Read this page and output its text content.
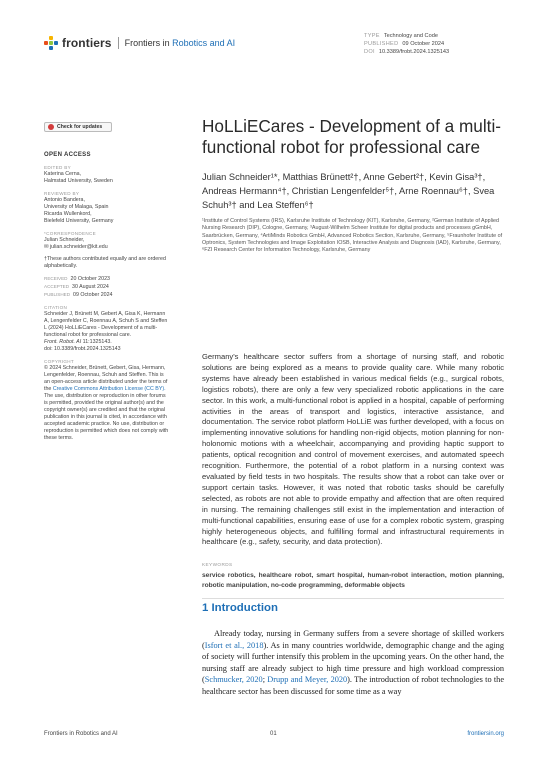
frontiers Frontiers in Robotics and AI
TYPE Technology and Code
PUBLISHED 09 October 2024
DOI 10.3389/frobt.2024.1325143
Check for updates
OPEN ACCESS
EDITED BY
Katerina Cerna,
Halmstad University, Sweden
REVIEWED BY
Antonio Bandera,
University of Malaga, Spain
Ricarda Wullenkord,
Bielefeld University, Germany
*CORRESPONDENCE
Julian Schneider,
✉ julian.schneider@kit.edu
†These authors contributed equally and are ordered alphabetically.
RECEIVED 20 October 2023
ACCEPTED 30 August 2024
PUBLISHED 09 October 2024
CITATION
Schneider J, Brünett M, Gebert A, Gisa K, Hermann A, Lengenfelder C, Roennau A, Schuh S and Steffen L (2024) HoLLiECares - Development of a multi-functional robot for professional care.
Front. Robot. AI 11:1325143.
doi: 10.3389/frobt.2024.1325143
COPYRIGHT
© 2024 Schneider, Brünett, Gebert, Gisa, Hermann, Lengenfelder, Roennau, Schuh and Steffen. This is an open-access article distributed under the terms of the Creative Commons Attribution License (CC BY). The use, distribution or reproduction in other forums is permitted, provided the original author(s) and the copyright owner(s) are credited and that the original publication in this journal is cited, in accordance with accepted academic practice. No use, distribution or reproduction is permitted which does not comply with these terms.
HoLLiECares - Development of a multi-functional robot for professional care
Julian Schneider¹*, Matthias Brünett²†, Anne Gebert²†, Kevin Gisa³†, Andreas Hermann⁴†, Christian Lengenfelder⁵†, Arne Roennau⁶†, Svea Schuh³† and Lea Steffen⁶†
¹Institute of Control Systems (IRS), Karlsruhe Institute of Technology (KIT), Karlsruhe, Germany, ²German Institute of Applied Nursing Research (DIP), Cologne, Germany, ³August-Wilhelm Scheer Institute for digital products and processes gGmbH, Saarbrücken, Germany, ⁴ArtiMinds Robotics GmbH, Advanced Robotics Section, Karlsruhe, Germany, ⁵Fraunhofer Institute of Optronics, System Technologies and Image Exploitation IOSB, Interactive Analysis and Diagnosis (IAD), Karlsruhe, Germany, ⁶FZI Research Center for Information Technology, Karlsruhe, Germany

Germany's healthcare sector suffers from a shortage of nursing staff, and robotic solutions are being explored as a means to provide quality care. While many robotic systems have already been established in various medical fields (e.g., surgical robots, logistics robots), there are only a few very specialized robotic applications in the care sector. In this work, a multi-functional robot is applied in a hospital, capable of performing activities in the areas of transport and logistics, interactive assistance, and documentation. The service robot platform HoLLiE was further developed, with a focus on implementing innovative solutions for handling non-rigid objects, motion planning for non-holonomic motions with a wheelchair, accompanying and providing haptic support to patients, optical recognition and control of movement exercises, and automated speech recognition. Furthermore, the potential of a robot platform in a nursing context was evaluated by field tests in two hospitals. The results show that a robot can take over or support certain tasks. However, it was noted that robotic tasks should be carefully selected, as robots are not able to provide empathy and affection that are often required in nursing. The remaining challenges still exist in the implementation and interaction of multi-functional capabilities, ensuring ease of use for a complex robotic system, grasping highly heterogeneous objects, and fulfilling formal and infrastructural requirements in healthcare (e.g., safety, security, and data protection).

KEYWORDS

service robotics, healthcare robot, smart hospital, human-robot interaction, motion planning, robotic manipulation, no-code programming, deformable objects

1 Introduction

Already today, nursing in Germany suffers from a severe shortage of skilled workers (Isfort et al., 2018). As in many countries worldwide, demographic change and the aging of society will further intensify this problem in the upcoming years. On the other hand, the nursing staff are already subject to high time pressure and high workload compression (Schmucker, 2020; Drupp and Meyer, 2020). The introduction of robot technologies to the healthcare sector has been discussed for some time as a way

Frontiers in Robotics and AI	01	frontiersin.org
